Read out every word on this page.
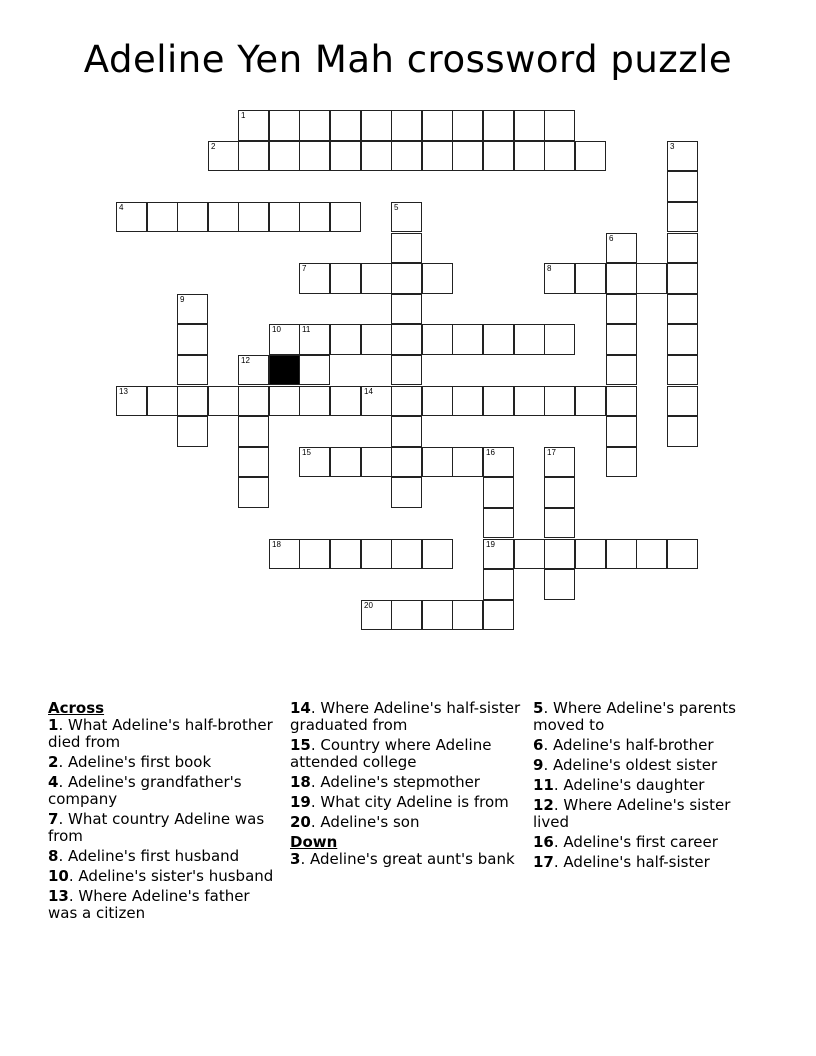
Adeline Yen Mah crossword puzzle
1
2
4	5
6
7	8
9
10	11
12
13	14
15	16
19
17
18
20
3
Across
1. What Adeline's half-brother died from
2. Adeline's first book
4. Adeline's grandfather's company
7. What country Adeline was from
8. Adeline's first husband
10. Adeline's sister's husband
13. Where Adeline's father was a citizen
14. Where Adeline's half-sister graduated from
15. Country where Adeline attended college
18. Adeline's stepmother
19. What city Adeline is from
20. Adeline's son
Down
3. Adeline's great aunt's bank
5. Where Adeline's parents moved to
6. Adeline's half-brother
9. Adeline's oldest sister
11. Adeline's daughter
12. Where Adeline's sister lived
16. Adeline's first career
17. Adeline's half-sister
